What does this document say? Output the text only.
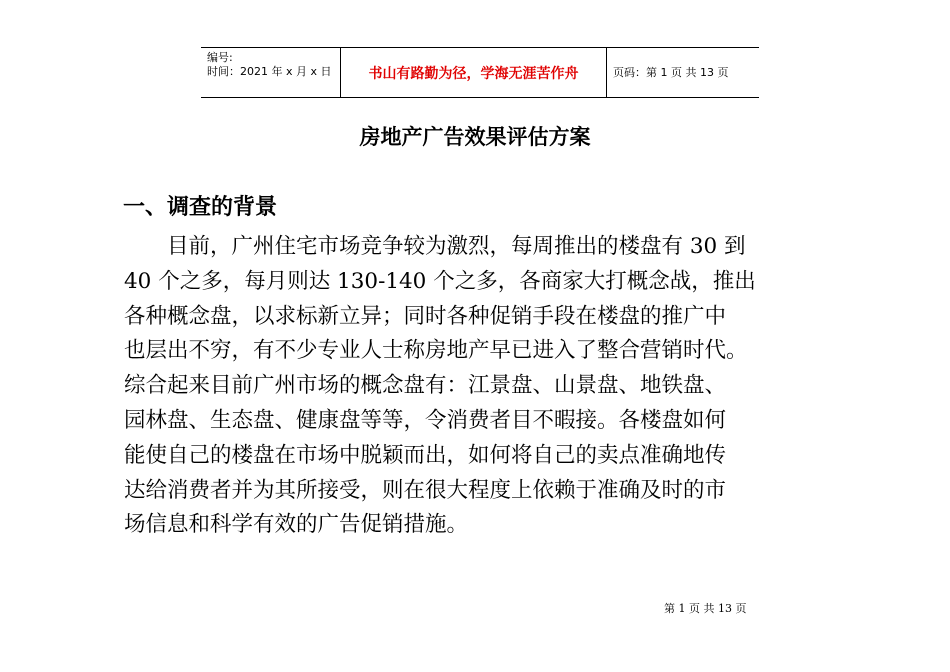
编号:
时间：2021 年 x 月 x 日	书山有路勤为径，学海无涯苦作舟	页码：第 1 页 共 13 页
房地产广告效果评估方案
一、调查的背景
目前，广州住宅市场竞争较为激烈，每周推出的楼盘有 30 到
40 个之多，每月则达 130-140 个之多，各商家大打概念战，推出
各种概念盘，以求标新立异；同时各种促销手段在楼盘的推广中
也层出不穷，有不少专业人士称房地产早已进入了整合营销时代。
综合起来目前广州市场的概念盘有：江景盘、山景盘、地铁盘、
园林盘、生态盘、健康盘等等，令消费者目不暇接。各楼盘如何
能使自己的楼盘在市场中脱颖而出，如何将自己的卖点准确地传
达给消费者并为其所接受，则在很大程度上依赖于准确及时的市
场信息和科学有效的广告促销措施。
第 1 页 共 13 页
